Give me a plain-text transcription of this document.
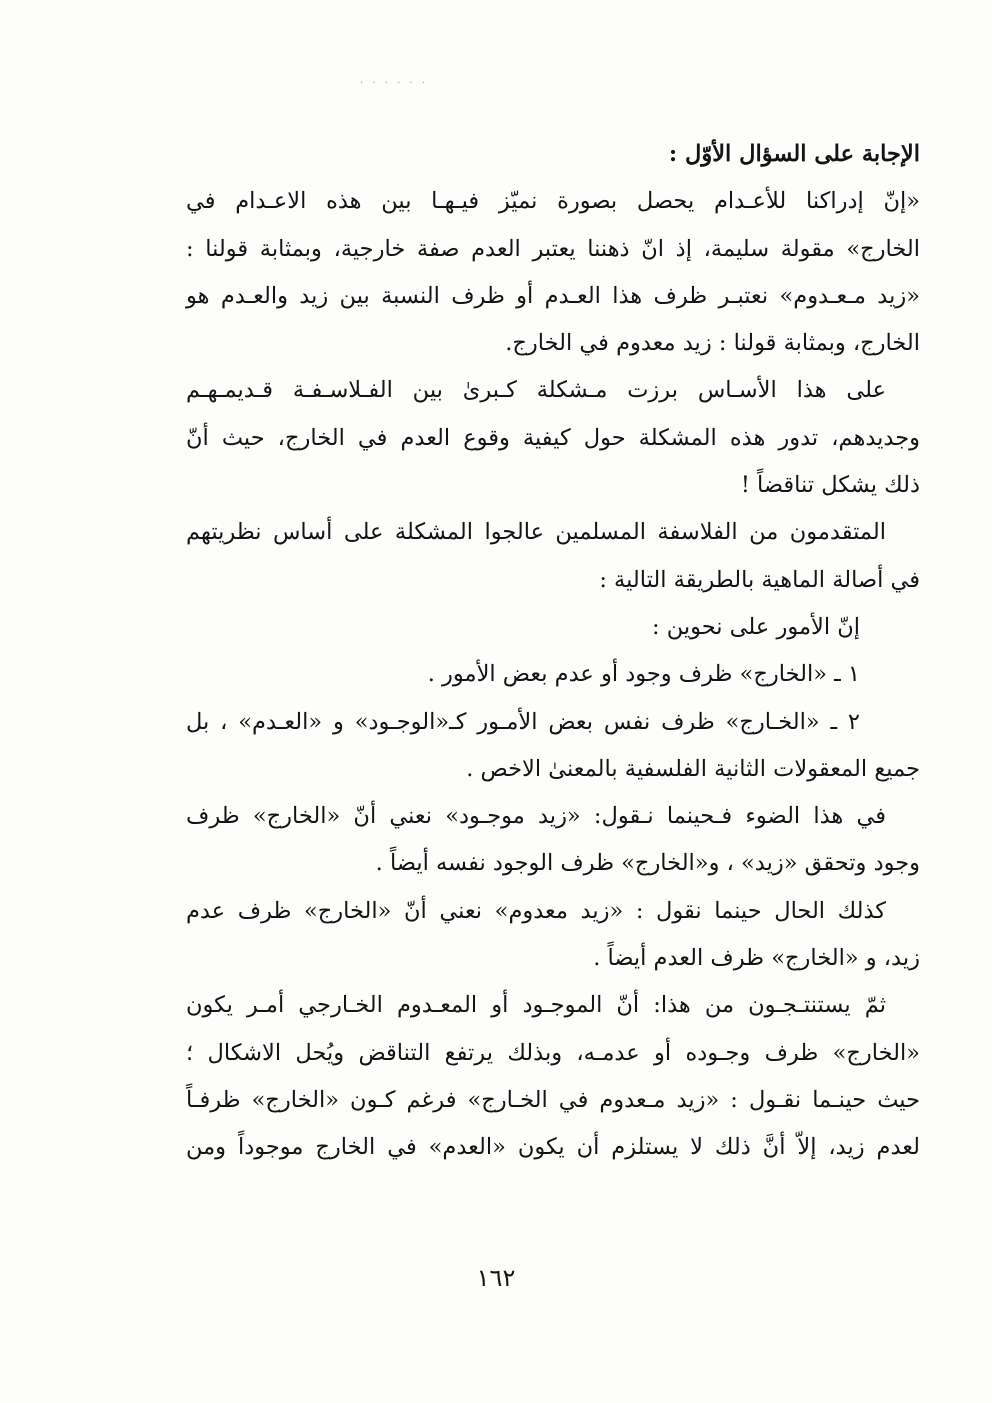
· · · · · ·
الإجابة على السؤال الأوّل :
«إنّ إدراكنا للأعـدام يحصل بصورة نميّز فيـهـا بين هذه الاعـدام في
الخارج» مقولة سليمة، إذ انّ ذهننا يعتبر العدم صفة خارجية، وبمثابة قولنا :
«زيد مـعـدوم» نعتبـر ظرف هذا العـدم أو ظرف النسبة بين زيد والعـدم هو
الخارج، وبمثابة قولنا : زيد معدوم في الخارج.
على هذا الأسـاس برزت مـشكلة كـبرىٰ بين الفـلاسـفـة قـديمـهـم
وجديدهم، تدور هذه المشكلة حول كيفية وقوع العدم في الخارج، حيث أنّ
ذلك يشكل تناقضاً !
المتقدمون من الفلاسفة المسلمين عالجوا المشكلة على أساس نظريتهم
في أصالة الماهية بالطريقة التالية :
إنّ الأمور على نحوين :
١ ـ «الخارج» ظرف وجود أو عدم بعض الأمور .
٢ ـ «الخـارج» ظرف نفس بعض الأمـور كـ«الوجـود» و «العـدم» ، بل
جميع المعقولات الثانية الفلسفية بالمعنىٰ الاخص .
في هذا الضوء فـحينما نـقول: «زيد موجـود» نعني أنّ «الخارج» ظرف
وجود وتحقق «زيد» ، و«الخارج» ظرف الوجود نفسه أيضاً .
كذلك الحال حينما نقول : «زيد معدوم» نعني أنّ «الخارج» ظرف عدم
زيد، و «الخارج» ظرف العدم أيضاً .
ثمّ يستنتـجـون من هذا: أنّ الموجـود أو المعـدوم الخـارجي أمـر يكون
«الخارج» ظرف وجـوده أو عدمـه، وبذلك يرتفع التناقض ويُحل الاشكال ؛
حيث حينـما نقـول : «زيد مـعدوم في الخـارج» فرغم كـون «الخارج» ظرفـاً
لعدم زيد، إلاّ أنَّ ذلك لا يستلزم أن يكون «العدم» في الخارج موجوداً ومن
١٦٢
